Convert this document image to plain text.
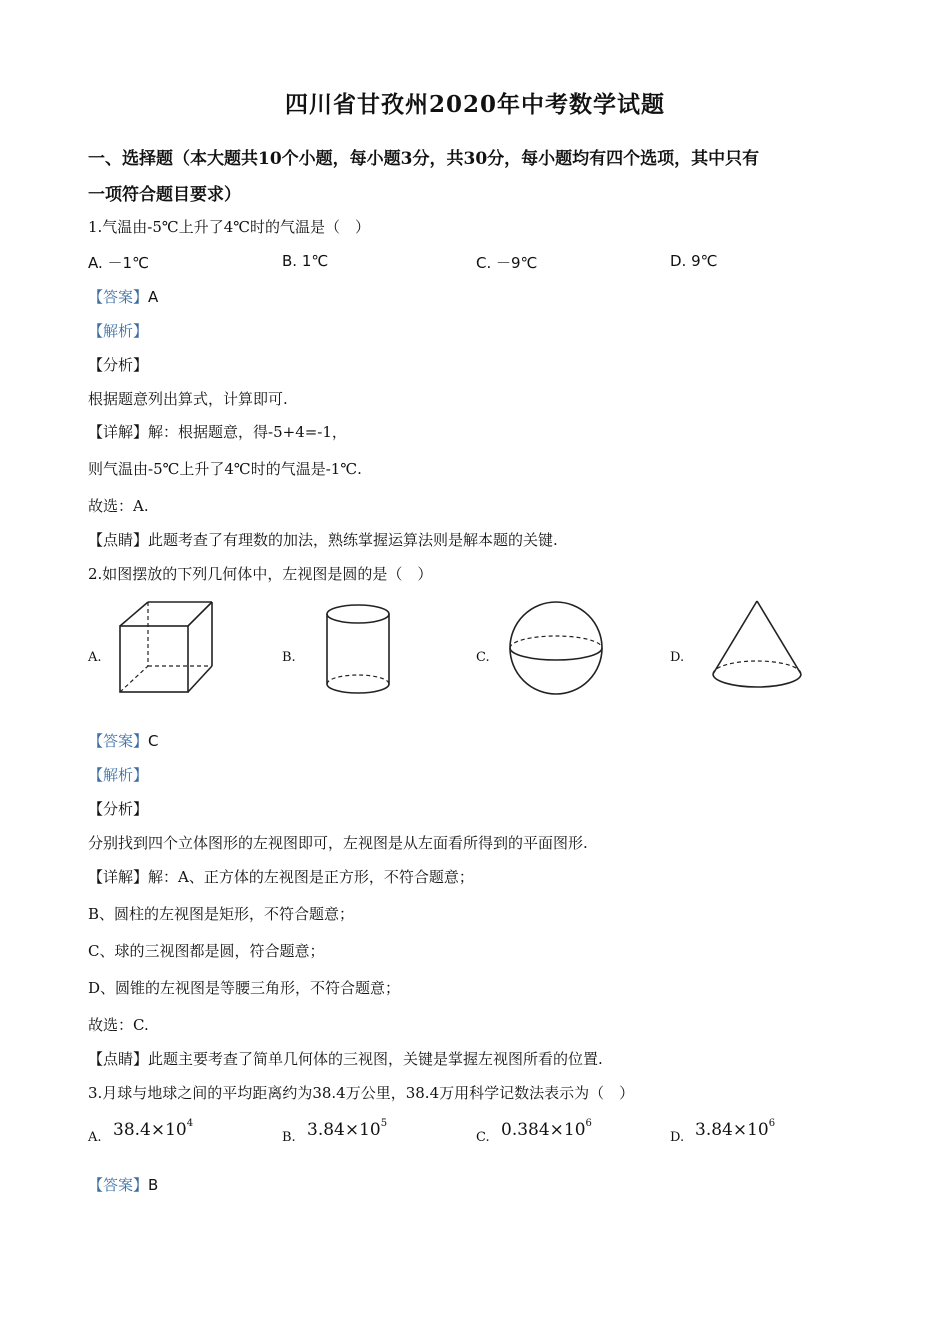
四川省甘孜州2020年中考数学试题
一、选择题（本大题共10个小题，每小题3分，共30分，每小题均有四个选项，其中只有
一项符合题目要求）
1.气温由-5℃上升了4℃时的气温是（　）
A. －1℃	B. 1℃	C. －9℃	D. 9℃
【答案】A
【解析】
【分析】
根据题意列出算式，计算即可.
【详解】解：根据题意，得-5+4=-1，
则气温由-5℃上升了4℃时的气温是-1℃.
故选：A.
【点睛】此题考查了有理数的加法，熟练掌握运算法则是解本题的关键.
2.如图摆放的下列几何体中，左视图是圆的是（　）
A.	B.	C.	D.
【答案】C
【解析】
【分析】
分别找到四个立体图形的左视图即可，左视图是从左面看所得到的平面图形.
【详解】解：A、正方体的左视图是正方形，不符合题意；
B、圆柱的左视图是矩形，不符合题意；
C、球的三视图都是圆，符合题意；
D、圆锥的左视图是等腰三角形，不符合题意；
故选：C.
【点睛】此题主要考查了简单几何体的三视图，关键是掌握左视图所看的位置.
3.月球与地球之间的平均距离约为38.4万公里，38.4万用科学记数法表示为（　）
A. $38.4\times 10^4$
B. $3.84\times 10^5$
C. $0.384\times 10^6$
D. $3.84\times 10^6$
【答案】B
